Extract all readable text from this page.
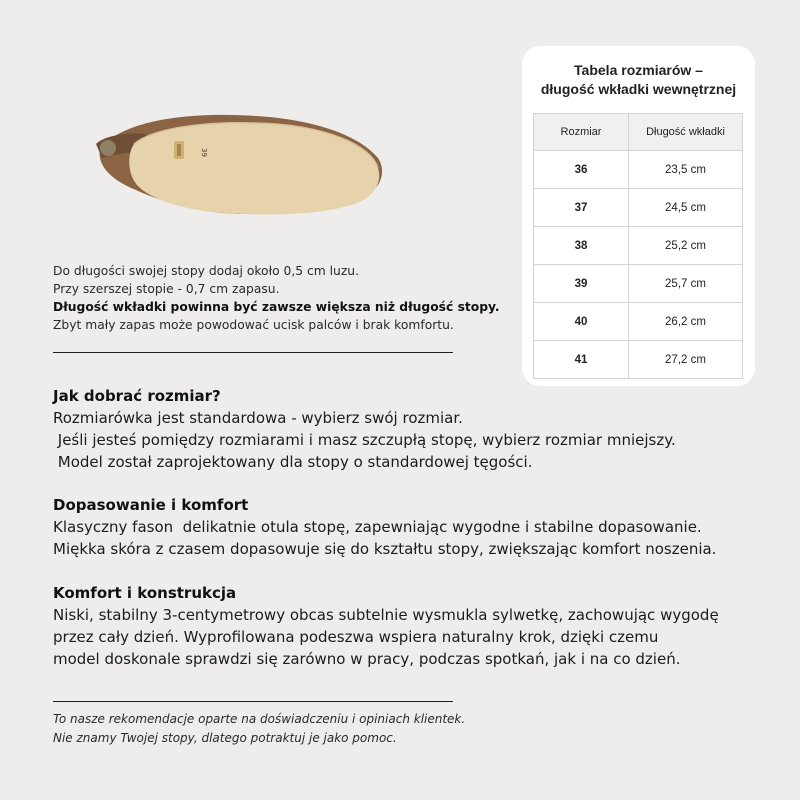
39
Do długości swojej stopy dodaj około 0,5 cm luzu.
Przy szerszej stopie - 0,7 cm zapasu.
Długość wkładki powinna być zawsze większa niż długość stopy.
Zbyt mały zapas może powodować ucisk palców i brak komfortu.
Tabela rozmiarów –
długość wkładki wewnętrznej
Rozmiar	Długość wkładki
36	23,5 cm
37	24,5 cm
38	25,2 cm
39	25,7 cm
40	26,2 cm
41	27,2 cm
Jak dobrać rozmiar?

Rozmiarówka jest standardowa - wybierz swój rozmiar.

Jeśli jesteś pomiędzy rozmiarami i masz szczupłą stopę, wybierz rozmiar mniejszy.

Model został zaprojektowany dla stopy o standardowej tęgości.

Dopasowanie i komfort

Klasyczny fason  delikatnie otula stopę, zapewniając wygodne i stabilne dopasowanie.

Miękka skóra z czasem dopasowuje się do kształtu stopy, zwiększając komfort noszenia.

Komfort i konstrukcja

Niski, stabilny 3-centymetrowy obcas subtelnie wysmukla sylwetkę, zachowując wygodę

przez cały dzień. Wyprofilowana podeszwa wspiera naturalny krok, dzięki czemu

model doskonale sprawdzi się zarówno w pracy, podczas spotkań, jak i na co dzień.

To nasze rekomendacje oparte na doświadczeniu i opiniach klientek.
Nie znamy Twojej stopy, dlatego potraktuj je jako pomoc.
